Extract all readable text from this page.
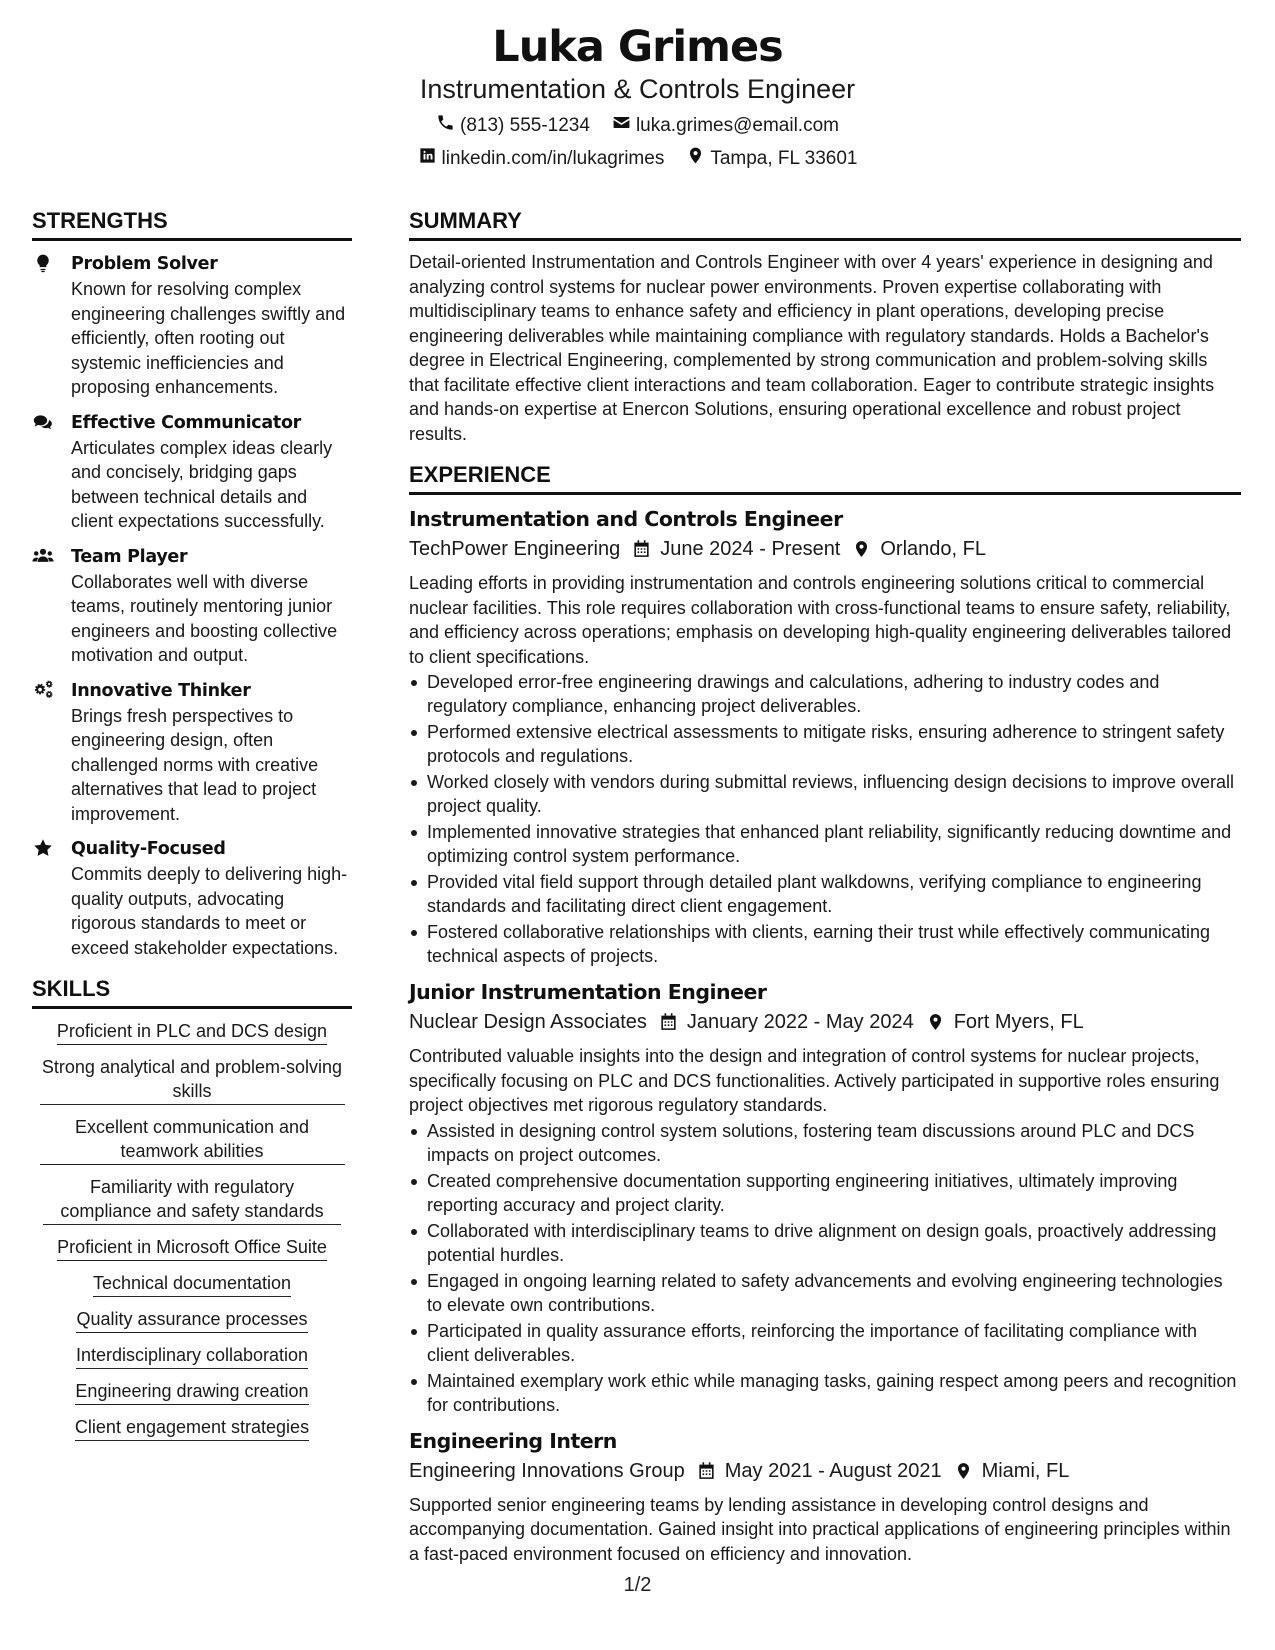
Luka Grimes
Instrumentation & Controls Engineer
(813) 555-1234 luka.grimes@email.com
linkedin.com/in/lukagrimes Tampa, FL 33601
STRENGTHS
Problem Solver
Known for resolving complex engineering challenges swiftly and efficiently, often rooting out systemic inefficiencies and proposing enhancements.
Effective Communicator
Articulates complex ideas clearly and concisely, bridging gaps between technical details and client expectations successfully.
Team Player
Collaborates well with diverse teams, routinely mentoring junior engineers and boosting collective motivation and output.
Innovative Thinker
Brings fresh perspectives to engineering design, often challenged norms with creative alternatives that lead to project improvement.
Quality-Focused
Commits deeply to delivering high-quality outputs, advocating rigorous standards to meet or exceed stakeholder expectations.
SKILLS
Proficient in PLC and DCS design
Strong analytical and problem-solving skills
Excellent communication and teamwork abilities
Familiarity with regulatory compliance and safety standards
Proficient in Microsoft Office Suite
Technical documentation
Quality assurance processes
Interdisciplinary collaboration
Engineering drawing creation
Client engagement strategies
SUMMARY
Detail-oriented Instrumentation and Controls Engineer with over 4 years' experience in designing and analyzing control systems for nuclear power environments. Proven expertise collaborating with multidisciplinary teams to enhance safety and efficiency in plant operations, developing precise engineering deliverables while maintaining compliance with regulatory standards. Holds a Bachelor's degree in Electrical Engineering, complemented by strong communication and problem-solving skills that facilitate effective client interactions and team collaboration. Eager to contribute strategic insights and hands-on expertise at Enercon Solutions, ensuring operational excellence and robust project results.
EXPERIENCE
Instrumentation and Controls Engineer
TechPower Engineering June 2024 - Present Orlando, FL
Leading efforts in providing instrumentation and controls engineering solutions critical to commercial nuclear facilities. This role requires collaboration with cross-functional teams to ensure safety, reliability, and efficiency across operations; emphasis on developing high-quality engineering deliverables tailored to client specifications.
Developed error-free engineering drawings and calculations, adhering to industry codes and regulatory compliance, enhancing project deliverables.
Performed extensive electrical assessments to mitigate risks, ensuring adherence to stringent safety protocols and regulations.
Worked closely with vendors during submittal reviews, influencing design decisions to improve overall project quality.
Implemented innovative strategies that enhanced plant reliability, significantly reducing downtime and optimizing control system performance.
Provided vital field support through detailed plant walkdowns, verifying compliance to engineering standards and facilitating direct client engagement.
Fostered collaborative relationships with clients, earning their trust while effectively communicating technical aspects of projects.
Junior Instrumentation Engineer
Nuclear Design Associates January 2022 - May 2024 Fort Myers, FL
Contributed valuable insights into the design and integration of control systems for nuclear projects, specifically focusing on PLC and DCS functionalities. Actively participated in supportive roles ensuring project objectives met rigorous regulatory standards.
Assisted in designing control system solutions, fostering team discussions around PLC and DCS impacts on project outcomes.
Created comprehensive documentation supporting engineering initiatives, ultimately improving reporting accuracy and project clarity.
Collaborated with interdisciplinary teams to drive alignment on design goals, proactively addressing potential hurdles.
Engaged in ongoing learning related to safety advancements and evolving engineering technologies to elevate own contributions.
Participated in quality assurance efforts, reinforcing the importance of facilitating compliance with client deliverables.
Maintained exemplary work ethic while managing tasks, gaining respect among peers and recognition for contributions.
Engineering Intern
Engineering Innovations Group May 2021 - August 2021 Miami, FL
Supported senior engineering teams by lending assistance in developing control designs and accompanying documentation. Gained insight into practical applications of engineering principles within a fast-paced environment focused on efficiency and innovation.
1/2
